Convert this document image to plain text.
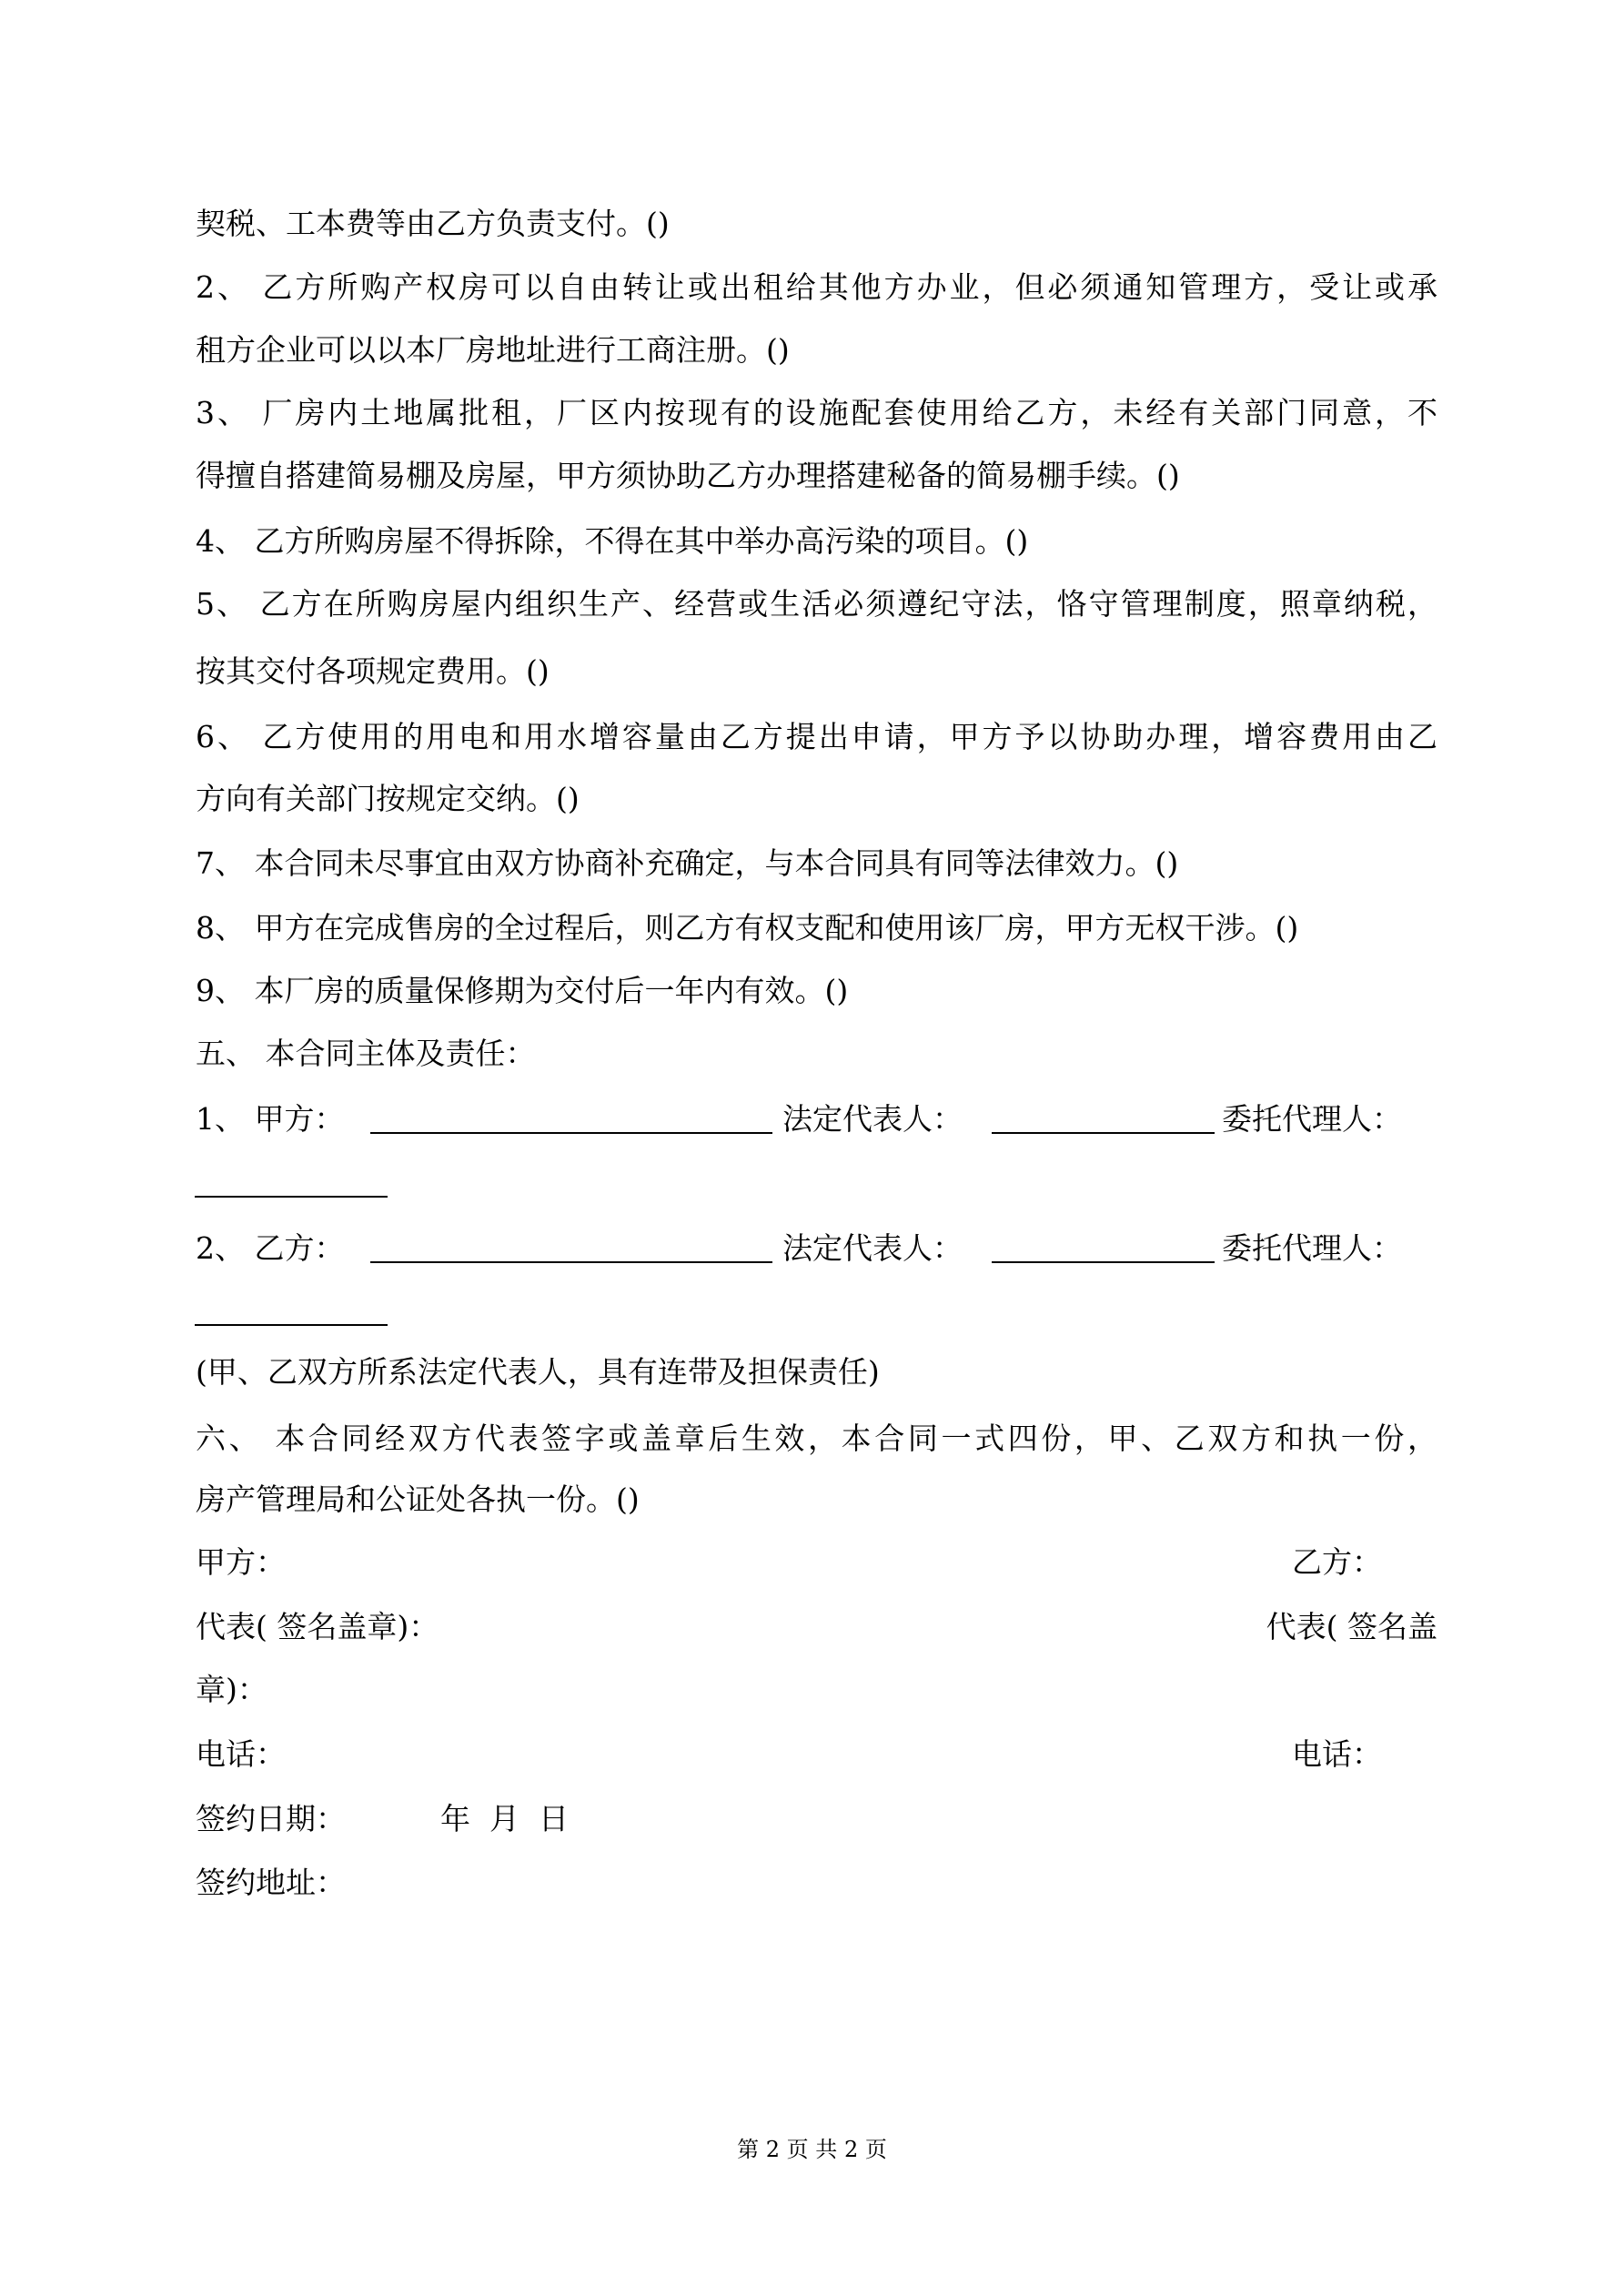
契税、工本费等由乙方负责支付。()
2、 乙方所购产权房可以自由转让或出租给其他方办业，但必须通知管理方，受让或承
租方企业可以以本厂房地址进行工商注册。()
3、 厂房内土地属批租，厂区内按现有的设施配套使用给乙方，未经有关部门同意，不
得擅自搭建简易棚及房屋，甲方须协助乙方办理搭建秘备的简易棚手续。()
4、 乙方所购房屋不得拆除，不得在其中举办高污染的项目。()
5、 乙方在所购房屋内组织生产、经营或生活必须遵纪守法，恪守管理制度，照章纳税，
按其交付各项规定费用。()
6、 乙方使用的用电和用水增容量由乙方提出申请，甲方予以协助办理，增容费用由乙
方向有关部门按规定交纳。()
7、 本合同未尽事宜由双方协商补充确定，与本合同具有同等法律效力。()
8、 甲方在完成售房的全过程后，则乙方有权支配和使用该厂房，甲方无权干涉。()
9、 本厂房的质量保修期为交付后一年内有效。()
五、 本合同主体及责任：
1、 甲方：	法定代表人：	委托代理人：
2、 乙方：	法定代表人：	委托代理人：
(甲、乙双方所系法定代表人，具有连带及担保责任)
六、 本合同经双方代表签字或盖章后生效，本合同一式四份，甲、乙双方和执一份，
房产管理局和公证处各执一份。()
甲方：	乙方：
代表( 签名盖章)：	代表( 签名盖
章)：
电话：	电话：
签约日期：	年  月  日
签约地址：
第 2 页 共 2 页
